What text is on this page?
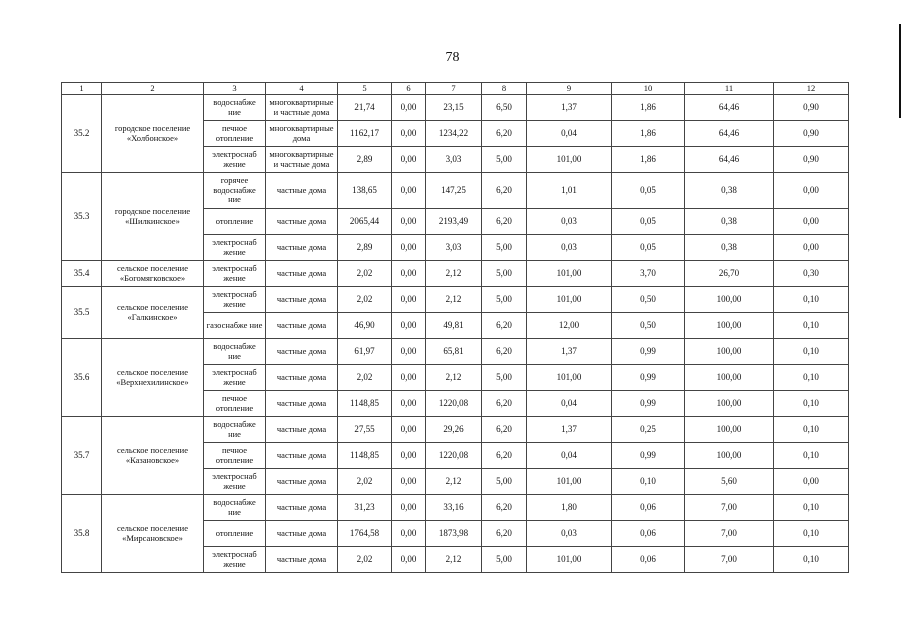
78
1	2	3	4	5	6	7	8	9	10	11	12
35.2	городское поселение «Холбонское»	водоснабже ние	многоквартирные и частные дома	21,74	0,00	23,15	6,50	1,37	1,86	64,46	0,90
		печное отопление	многоквартирные дома	1162,17	0,00	1234,22	6,20	0,04	1,86	64,46	0,90
		электроснаб жение	многоквартирные и частные дома	2,89	0,00	3,03	5,00	101,00	1,86	64,46	0,90
35.3	городское поселение «Шилкинское»	горячее водоснабже ние	частные дома	138,65	0,00	147,25	6,20	1,01	0,05	0,38	0,00
		отопление	частные дома	2065,44	0,00	2193,49	6,20	0,03	0,05	0,38	0,00
		электроснаб жение	частные дома	2,89	0,00	3,03	5,00	0,03	0,05	0,38	0,00
35.4	сельское поселение «Богомягковское»	электроснаб жение	частные дома	2,02	0,00	2,12	5,00	101,00	3,70	26,70	0,30
35.5	сельское поселение «Галкинское»	электроснаб жение	частные дома	2,02	0,00	2,12	5,00	101,00	0,50	100,00	0,10
		газоснабже ние	частные дома	46,90	0,00	49,81	6,20	12,00	0,50	100,00	0,10
35.6	сельское поселение «Верхнехилинское»	водоснабже ние	частные дома	61,97	0,00	65,81	6,20	1,37	0,99	100,00	0,10
		электроснаб жение	частные дома	2,02	0,00	2,12	5,00	101,00	0,99	100,00	0,10
		печное отопление	частные дома	1148,85	0,00	1220,08	6,20	0,04	0,99	100,00	0,10
35.7	сельское поселение «Казановское»	водоснабже ние	частные дома	27,55	0,00	29,26	6,20	1,37	0,25	100,00	0,10
		печное отопление	частные дома	1148,85	0,00	1220,08	6,20	0,04	0,99	100,00	0,10
		электроснаб жение	частные дома	2,02	0,00	2,12	5,00	101,00	0,10	5,60	0,00
35.8	сельское поселение «Мирсановское»	водоснабже ние	частные дома	31,23	0,00	33,16	6,20	1,80	0,06	7,00	0,10
		отопление	частные дома	1764,58	0,00	1873,98	6,20	0,03	0,06	7,00	0,10
		электроснаб жение	частные дома	2,02	0,00	2,12	5,00	101,00	0,06	7,00	0,10
